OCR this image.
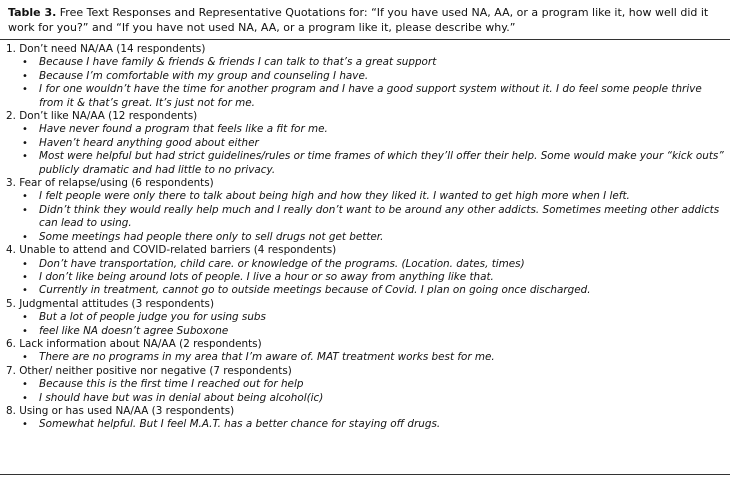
Table 3. Free Text Responses and Representative Quotations for: “If you have used NA, AA, or a program like it, how well did it work for you?” and “If you have not used NA, AA, or a program like it, please describe why.”
1. Don’t need NA/AA (14 respondents)
• Because I have family & friends & friends I can talk to that’s a great support
• Because I’m comfortable with my group and counseling I have.
• I for one wouldn’t have the time for another program and I have a good support system without it. I do feel some people thrive from it & that’s great. It’s just not for me.
2. Don’t like NA/AA (12 respondents)
• Have never found a program that feels like a fit for me.
• Haven’t heard anything good about either
• Most were helpful but had strict guidelines/rules or time frames of which they’ll offer their help. Some would make your “kick outs” publicly dramatic and had little to no privacy.
3. Fear of relapse/using (6 respondents)
• I felt people were only there to talk about being high and how they liked it. I wanted to get high more when I left.
• Didn’t think they would really help much and I really don’t want to be around any other addicts. Sometimes meeting other addicts can lead to using.
• Some meetings had people there only to sell drugs not get better.
4. Unable to attend and COVID-related barriers (4 respondents)
• Don’t have transportation, child care. or knowledge of the programs. (Location. dates, times)
• I don’t like being around lots of people. I live a hour or so away from anything like that.
• Currently in treatment, cannot go to outside meetings because of Covid. I plan on going once discharged.
5. Judgmental attitudes (3 respondents)
• But a lot of people judge you for using subs
• feel like NA doesn’t agree Suboxone
6. Lack information about NA/AA (2 respondents)
• There are no programs in my area that I’m aware of. MAT treatment works best for me.
7. Other/ neither positive nor negative (7 respondents)
• Because this is the first time I reached out for help
• I should have but was in denial about being alcohol(ic)
8. Using or has used NA/AA (3 respondents)
• Somewhat helpful. But I feel M.A.T. has a better chance for staying off drugs.
